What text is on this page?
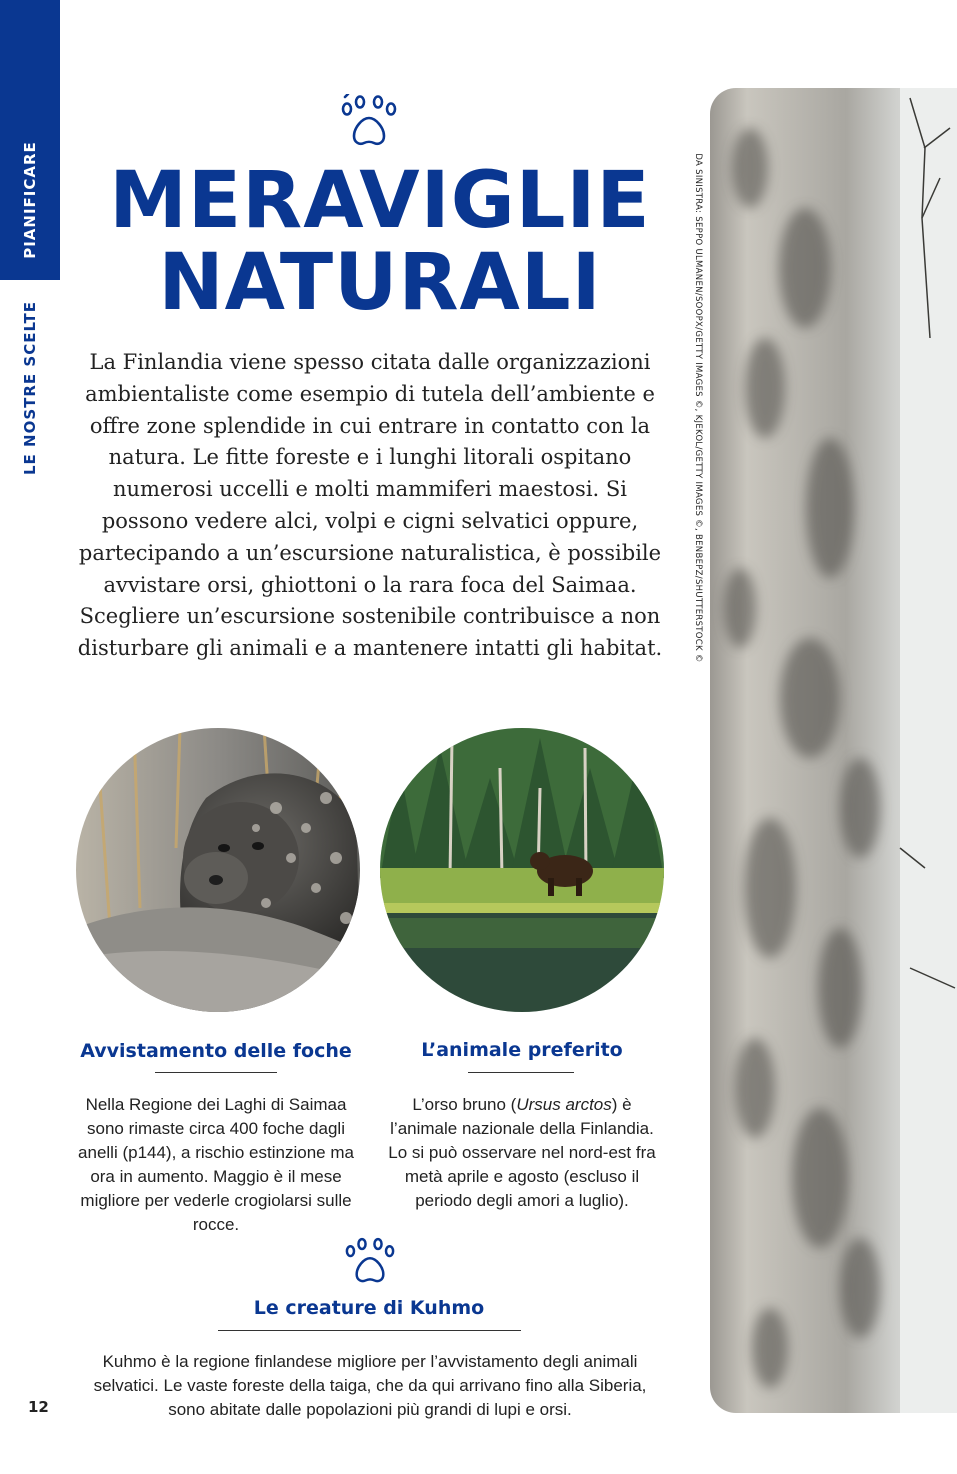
PIANIFICARE
LE NOSTRE SCELTE
MERAVIGLIE
NATURALI
La Finlandia viene spesso citata dalle organizzazioni ambientaliste come esempio di tutela dell’ambiente e offre zone splendide in cui entrare in contatto con la natura. Le fitte foreste e i lunghi litorali ospitano numerosi uccelli e molti mammiferi maestosi. Si possono vedere alci, volpi e cigni selvatici oppure, partecipando a un’escursione naturalistica, è possibile avvistare orsi, ghiottoni o la rara foca del Saimaa. Scegliere un’escursione sostenibile contribuisce a non disturbare gli animali e a mantenere intatti gli habitat.
Avvistamento delle foche
Nella Regione dei Laghi di Saimaa sono rimaste circa 400 foche dagli anelli (p144), a rischio estinzione ma ora in aumento. Maggio è il mese migliore per vederle crogiolarsi sulle rocce.
L’animale preferito
L’orso bruno (Ursus arctos) è l’animale nazionale della Finlandia. Lo si può osservare nel nord-est fra metà aprile e agosto (escluso il periodo degli amori a luglio).
Le creature di Kuhmo
Kuhmo è la regione finlandese migliore per l’avvistamento degli animali selvatici. Le vaste foreste della taiga, che da qui arrivano fino alla Siberia, sono abitate dalle popolazioni più grandi di lupi e orsi.
12
DA SINISTRA: SEPPO ULMANEN/SOOPX/GETTY IMAGES ©, KJEKOL/GETTY IMAGES ©, BENBEPZ/SHUTTERSTOCK ©
